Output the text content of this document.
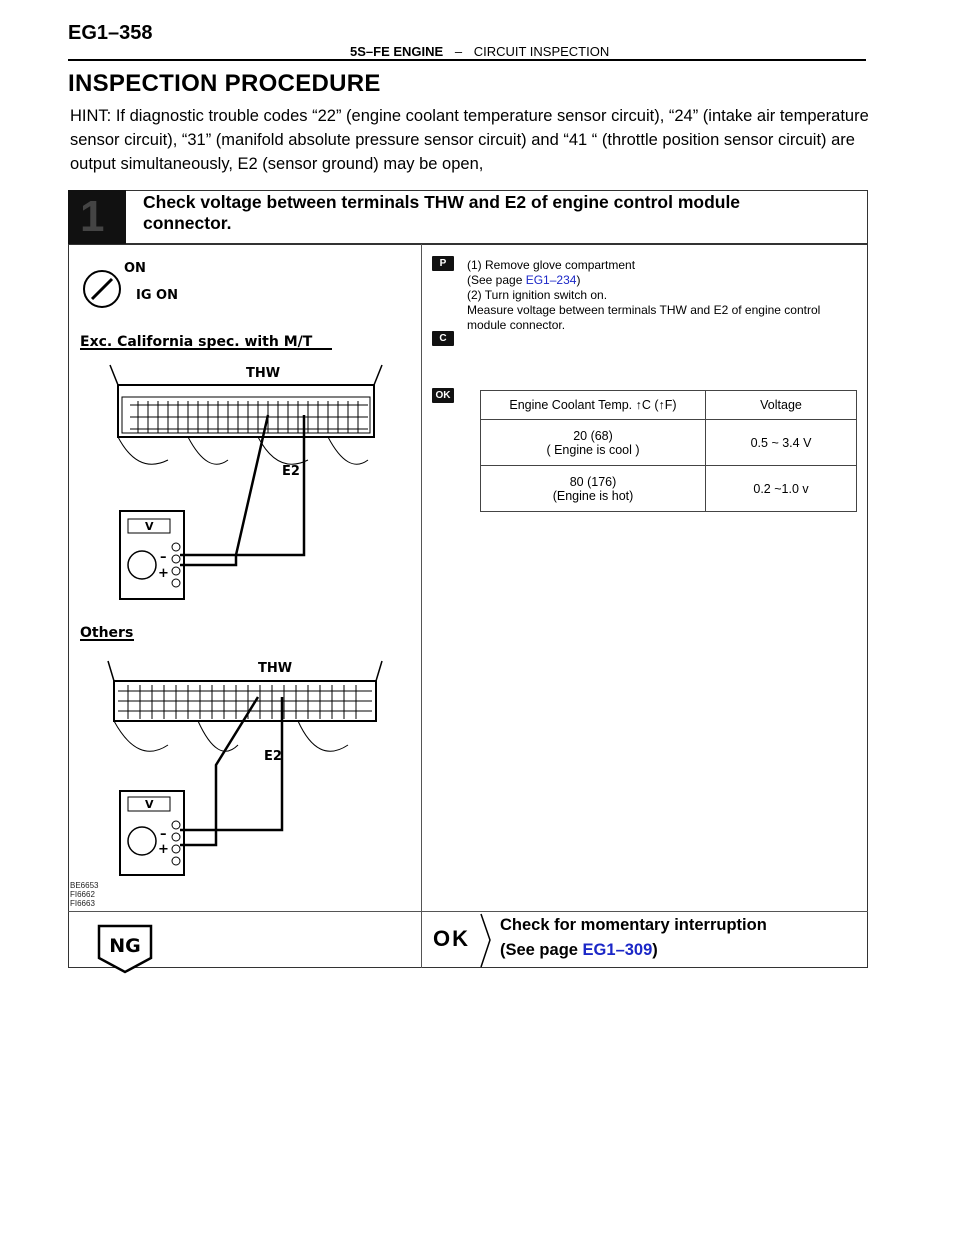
EG1–358
5S–FE ENGINE – CIRCUIT INSPECTION
INSPECTION PROCEDURE
HINT: If diagnostic trouble codes “22” (engine coolant temperature sensor circuit), “24” (intake air temperature sensor circuit), “31” (manifold absolute pressure sensor circuit) and “41 “ (throttle position sensor circuit) are output simultaneously, E2 (sensor ground) may be open,
1 Check voltage between terminals THW and E2 of engine control module connector.
ON
IG ON
Exc. California spec. with M/T
THW
E2
V
–
+
Others
THW
E2
V
–
+
BE6653
FI6662
FI6663
P
C
OK
(1) Remove glove compartment
(See page EG1–234)
(2) Turn ignition switch on.
Measure voltage between terminals THW and E2 of engine control module connector.
Engine Coolant Temp. ↑C (↑F)	Voltage

20 (68)
( Engine is cool )	0.5 ~ 3.4 V

80 (176)
(Engine is hot)	0.2 ~1.0 v
NG	OK
Check for momentary interruption
(See page EG1–309)
